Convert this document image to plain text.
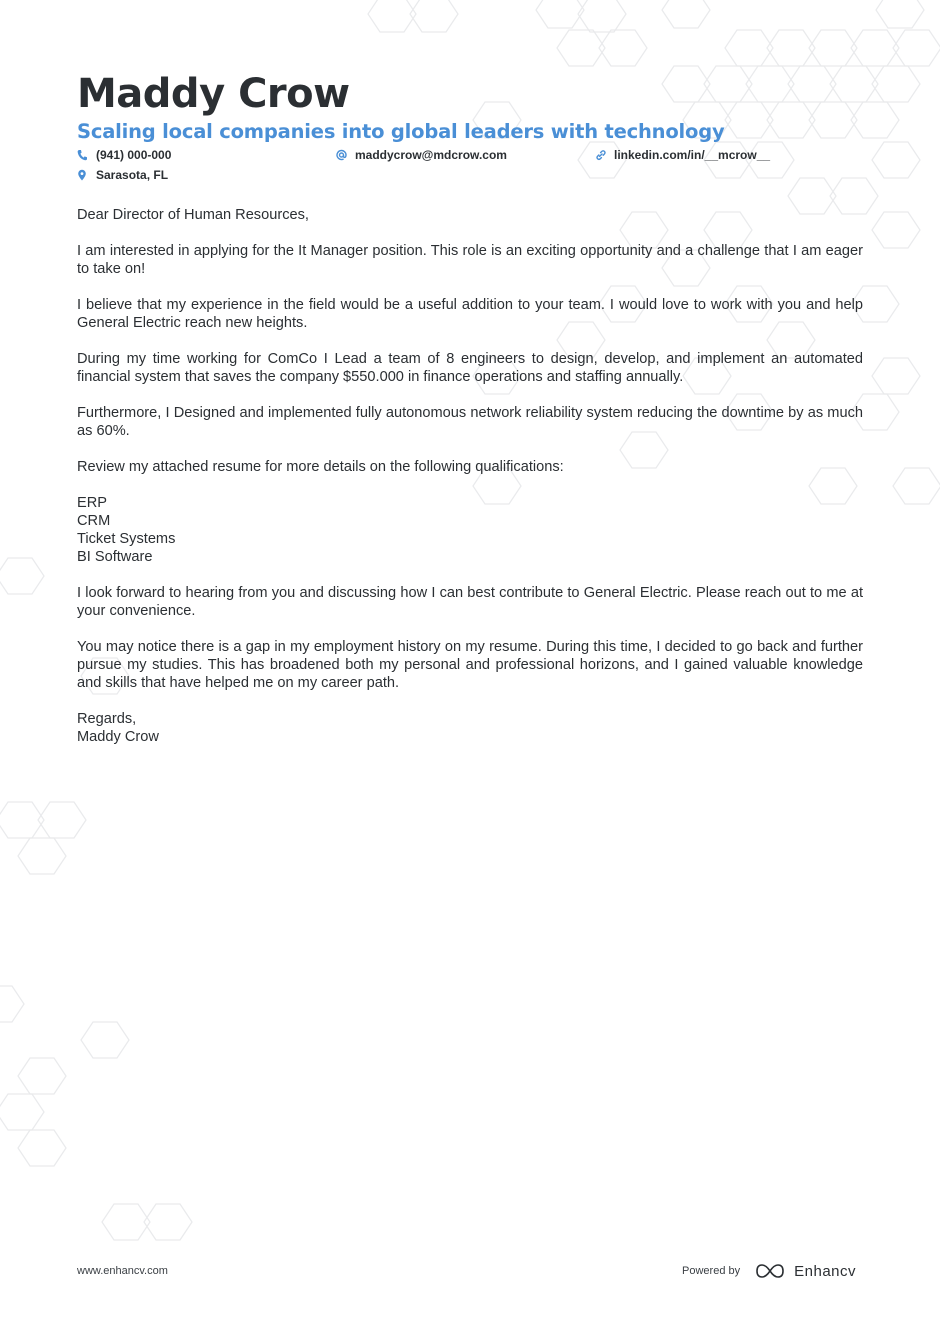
Maddy Crow
Scaling local companies into global leaders with technology
(941) 000-000	maddycrow@mdcrow.com	linkedin.com/in/__mcrow__
Sarasota, FL

Dear Director of Human Resources,

I am interested in applying for the It Manager position. This role is an exciting opportunity and a challenge that I am eager to take on!

I believe that my experience in the field would be a useful addition to your team. I would love to work with you and help General Electric reach new heights.

During my time working for ComCo I Lead a team of 8 engineers to design, develop, and implement an automated financial system that saves the company $550.000 in finance operations and staffing annually.

Furthermore, I Designed and implemented fully autonomous network reliability system reducing the downtime by as much as 60%.

Review my attached resume for more details on the following qualifications:

ERP
CRM
Ticket Systems
BI Software

I look forward to hearing from you and discussing how I can best contribute to General Electric. Please reach out to me at your convenience.

You may notice there is a gap in my employment history on my resume. During this time, I decided to go back and further pursue my studies. This has broadened both my personal and professional horizons, and I gained valuable knowledge and skills that have helped me on my career path.

Regards,
Maddy Crow
www.enhancv.com	Powered by	Enhancv
